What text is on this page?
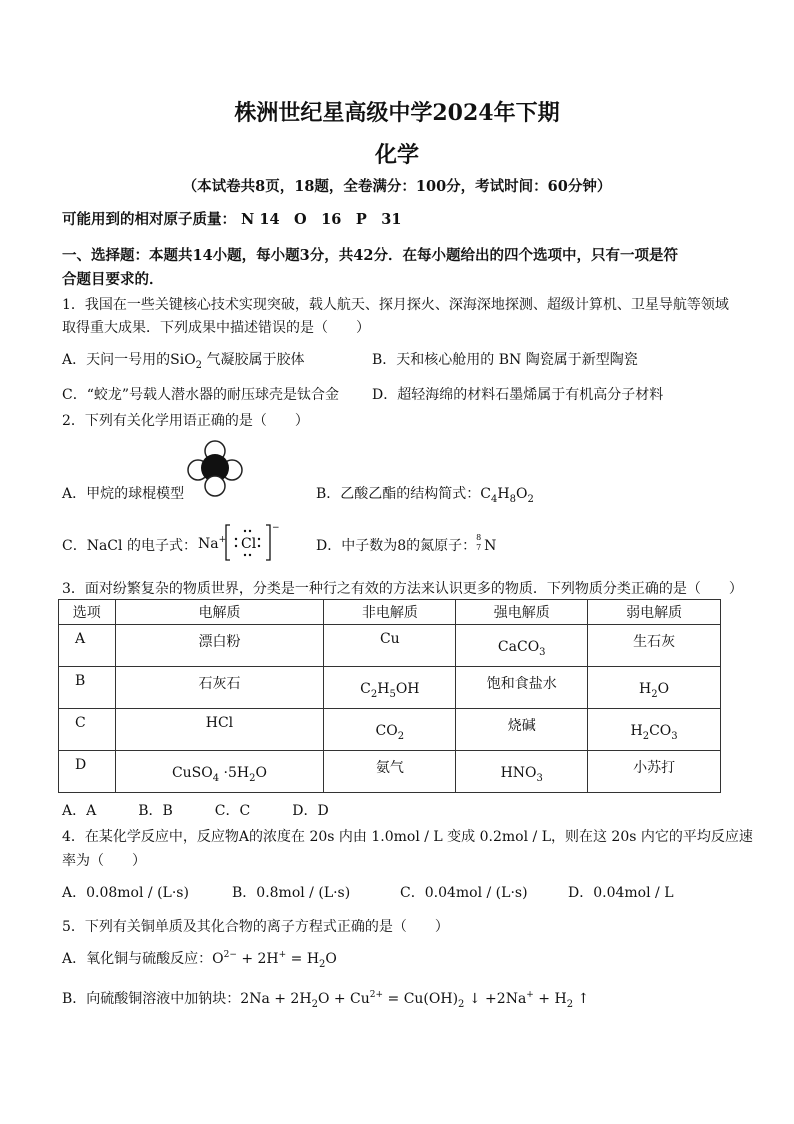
株洲世纪星高级中学2024年下期
化学
（本试卷共8页，18题，全卷满分：100分，考试时间：60分钟）
可能用到的相对原子质量： N 14　O　16　P　31
一、选择题：本题共14小题，每小题3分，共42分．在每小题给出的四个选项中，只有一项是符
合题目要求的．
1．我国在一些关键核心技术实现突破，载人航天、探月探火、深海深地探测、超级计算机、卫星导航等领域
取得重大成果．下列成果中描述错误的是（　　）
A．天问一号用的SiO$_2$ 气凝胶属于胶体	B．天和核心舱用的 BN 陶瓷属于新型陶瓷
C．“蛟龙”号载人潜水器的耐压球壳是钛合金 D．超轻海绵的材料石墨烯属于有机高分子材料
2．下列有关化学用语正确的是（　　）
A．甲烷的球棍模型	B．乙酸乙酯的结构简式：$C_4H_8O_2$
C．NaCl 的电子式： Na+
−
Cl	D．中子数为8的氮原子：
8
7 N
3．面对纷繁复杂的物质世界，分类是一种行之有效的方法来认识更多的物质．下列物质分类正确的是（　　）
选项	电解质	非电解质	强电解质	弱电解质

A	漂白粉	Cu	CaCO$_3$	生石灰

B	石灰石	$C_2H_5OH$	饱和食盐水	$H_2O$

C	HCl	$CO_2$	烧碱	$H_2CO_3$

D	CuSO$_4$ $\cdot 5H_2O$	氨气	$HNO_3$	小苏打
A．A　　　B．B　　　C．C　　　D．D
4．在某化学反应中，反应物A的浓度在 20s 内由 1.0mol / L 变成 0.2mol / L，则在这 20s 内它的平均反应速
率为（　　）
A．0.08mol / (L·s)	B．0.8mol / (L·s)	C．0.04mol / (L·s)	D．0.04mol / L
5．下列有关铜单质及其化合物的离子方程式正确的是（　　）
A．氧化铜与硫酸反应：$O^{2-} + 2H^+ = H_2O$
B．向硫酸铜溶液中加钠块：$2Na + 2H_2O + Cu^{2+} = Cu(OH)_2$ ↓ $+2Na^+ + H_2$ ↑
